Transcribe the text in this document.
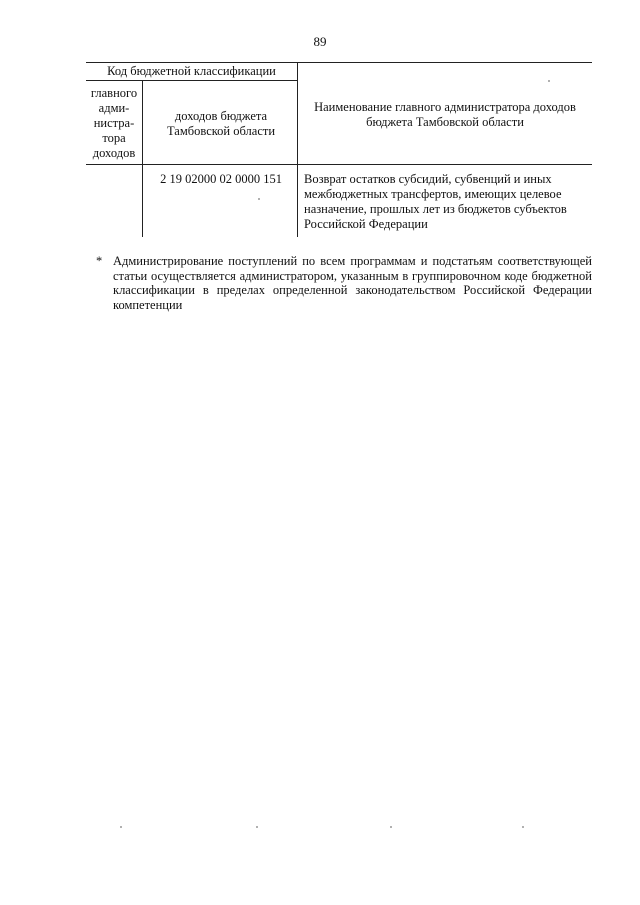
89
Код бюджетной классификации
главного адми- нистра- тора доходов
доходов бюджета Тамбовской области
Наименование главного администратора доходов бюджета Тамбовской области
2 19 02000 02 0000 151	Возврат остатков субсидий, субвенций и иных межбюджетных трансфертов, имеющих целевое назначение, прошлых лет из бюджетов субъектов Российской Федерации
* Администрирование поступлений по всем программам и подстатьям соответствующей статьи осуществляется администратором, указанным в группировочном коде бюджетной классификации в пределах определенной законодательством Российской Федерации компетенции
